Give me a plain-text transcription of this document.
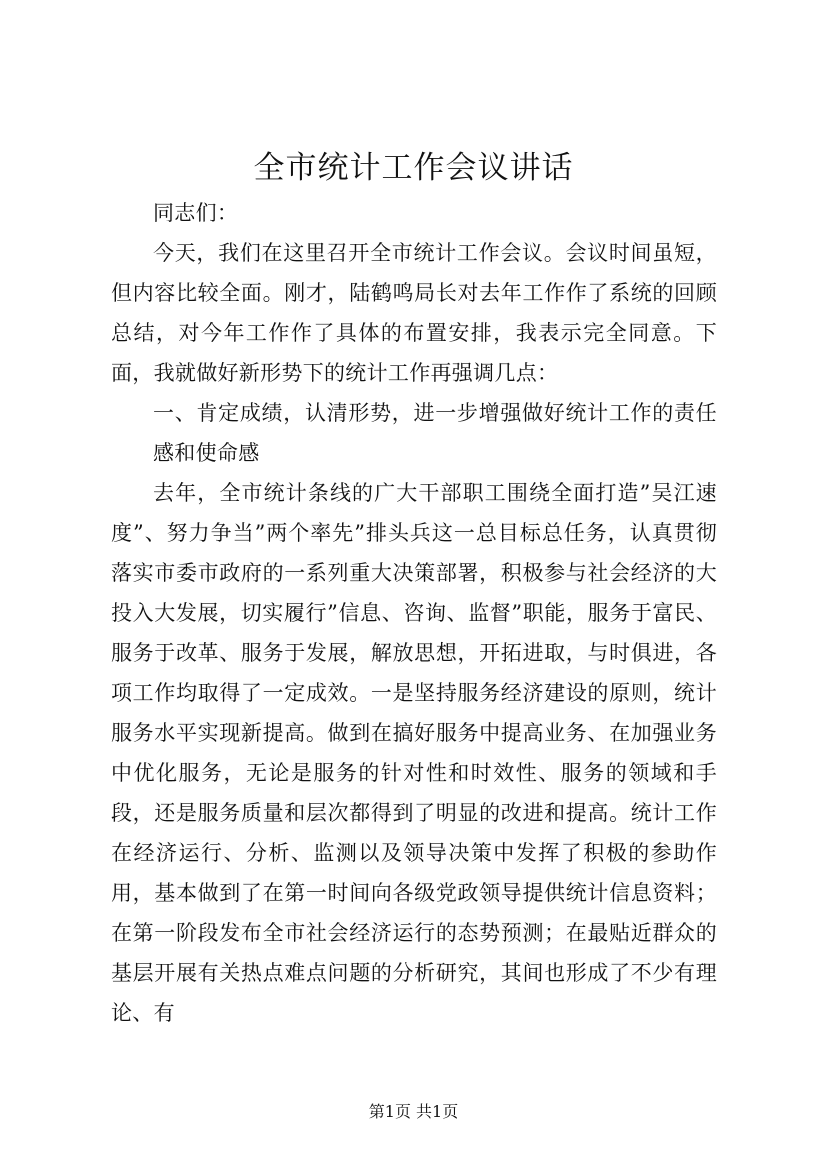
全市统计工作会议讲话

同志们：

今天，我们在这里召开全市统计工作会议。会议时间虽短，但内容比较全面。刚才，陆鹤鸣局长对去年工作作了系统的回顾总结，对今年工作作了具体的布置安排，我表示完全同意。下面，我就做好新形势下的统计工作再强调几点：

一、肯定成绩，认清形势，进一步增强做好统计工作的责任感和使命感

去年，全市统计条线的广大干部职工围绕全面打造”吴江速度”、努力争当”两个率先”排头兵这一总目标总任务，认真贯彻落实市委市政府的一系列重大决策部署，积极参与社会经济的大投入大发展，切实履行”信息、咨询、监督”职能，服务于富民、服务于改革、服务于发展，解放思想，开拓进取，与时俱进，各项工作均取得了一定成效。一是坚持服务经济建设的原则，统计服务水平实现新提高。做到在搞好服务中提高业务、在加强业务中优化服务，无论是服务的针对性和时效性、服务的领域和手段，还是服务质量和层次都得到了明显的改进和提高。统计工作在经济运行、分析、监测以及领导决策中发挥了积极的参助作用，基本做到了在第一时间向各级党政领导提供统计信息资料；在第一阶段发布全市社会经济运行的态势预测；在最贴近群众的基层开展有关热点难点问题的分析研究，其间也形成了不少有理论、有

第1页 共1页
